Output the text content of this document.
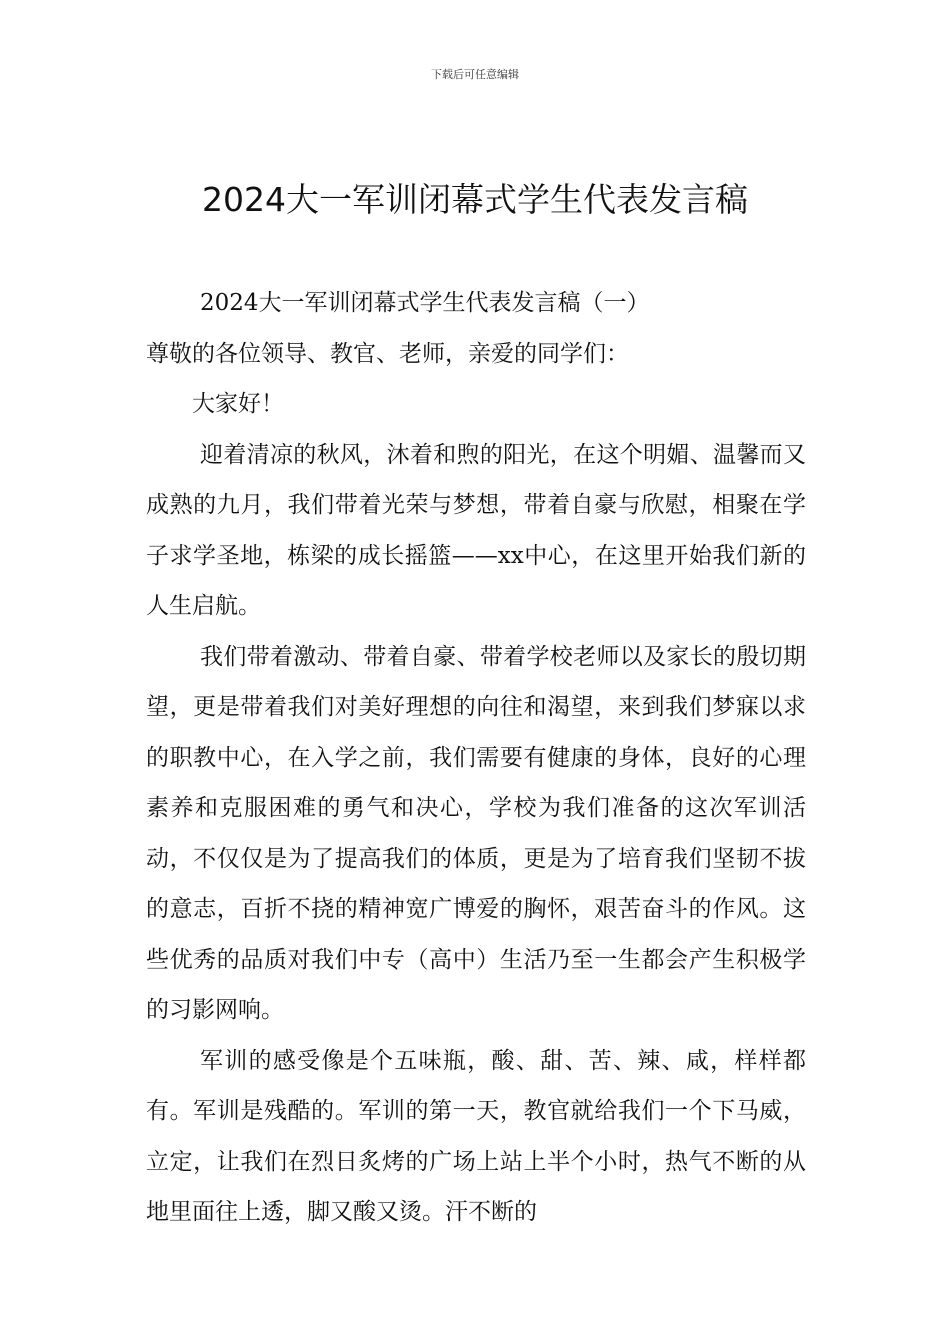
下载后可任意编辑
2024大一军训闭幕式学生代表发言稿

2024大一军训闭幕式学生代表发言稿（一）

尊敬的各位领导、教官、老师，亲爱的同学们：

大家好！

迎着清凉的秋风，沐着和煦的阳光，在这个明媚、温馨而又成熟的九月，我们带着光荣与梦想，带着自豪与欣慰，相聚在学子求学圣地，栋梁的成长摇篮——xx中心，在这里开始我们新的人生启航。

我们带着激动、带着自豪、带着学校老师以及家长的殷切期望，更是带着我们对美好理想的向往和渴望，来到我们梦寐以求的职教中心，在入学之前，我们需要有健康的身体，良好的心理素养和克服困难的勇气和决心，学校为我们准备的这次军训活动，不仅仅是为了提高我们的体质，更是为了培育我们坚韧不拔的意志，百折不挠的精神宽广博爱的胸怀，艰苦奋斗的作风。这些优秀的品质对我们中专（高中）生活乃至一生都会产生积极学的习影网响。

军训的感受像是个五味瓶，酸、甜、苦、辣、咸，样样都有。军训是残酷的。军训的第一天，教官就给我们一个下马威，立定，让我们在烈日炙烤的广场上站上半个小时，热气不断的从地里面往上透，脚又酸又烫。汗不断的
